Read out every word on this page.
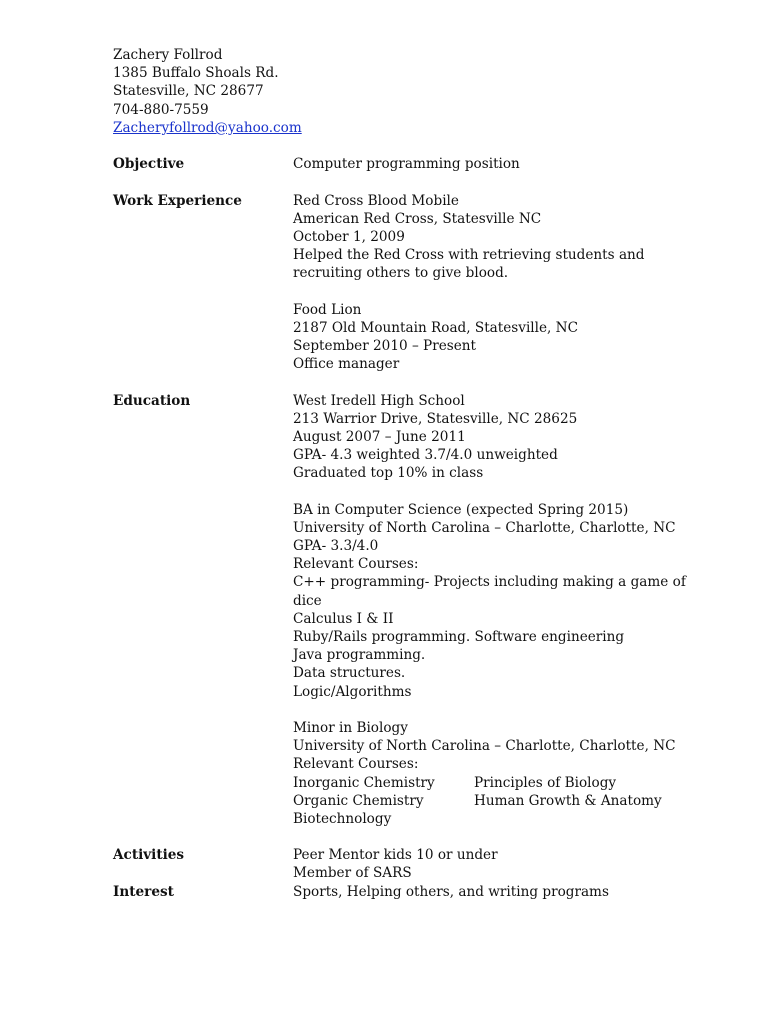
Zachery Follrod
1385 Buffalo Shoals Rd.
Statesville, NC 28677
704-880-7559
Zacheryfollrod@yahoo.com
Objective	Computer programming position
Work Experience	Red Cross Blood Mobile
American Red Cross, Statesville NC
October 1, 2009
Helped the Red Cross with retrieving students and
recruiting others to give blood.
Food Lion
2187 Old Mountain Road, Statesville, NC
September 2010 – Present
Office manager
Education	West Iredell High School
213 Warrior Drive, Statesville, NC 28625
August 2007 – June 2011
GPA- 4.3 weighted 3.7/4.0 unweighted
Graduated top 10% in class
BA in Computer Science (expected Spring 2015)
University of North Carolina – Charlotte, Charlotte, NC
GPA- 3.3/4.0
Relevant Courses:
C++ programming- Projects including making a game of
dice
Calculus I & II
Ruby/Rails programming. Software engineering
Java programming.
Data structures.
Logic/Algorithms
Minor in Biology
University of North Carolina – Charlotte, Charlotte, NC
Relevant Courses:
Inorganic Chemistry	Principles of Biology
Organic Chemistry	Human Growth & Anatomy
Biotechnology
Activities	Peer Mentor kids 10 or under
Member of SARS
Interest	Sports, Helping others, and writing programs
